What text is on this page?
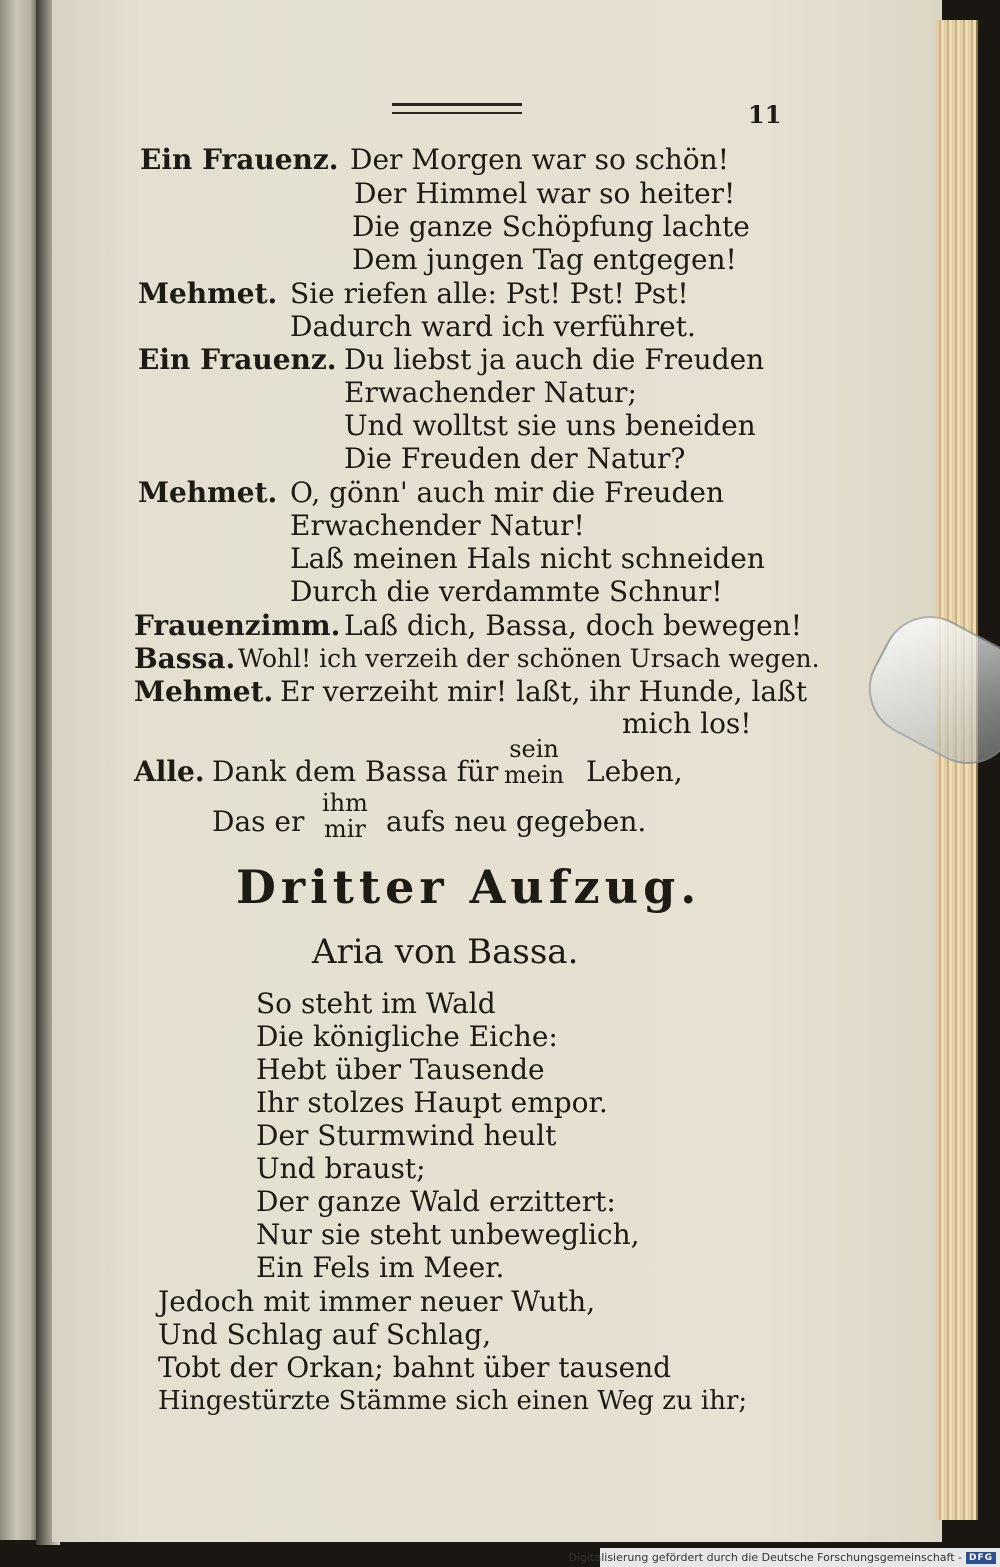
11
Ein Frauenz. Der Morgen war so schön!
Der Himmel war so heiter!
Die ganze Schöpfung lachte
Dem jungen Tag entgegen!
Mehmet. Sie riefen alle: Pst! Pst! Pst!
Dadurch ward ich verführet.
Ein Frauenz. Du liebst ja auch die Freuden
Erwachender Natur;
Und wolltst sie uns beneiden
Die Freuden der Natur?
Mehmet. O, gönn' auch mir die Freuden
Erwachender Natur!
Laß meinen Hals nicht schneiden
Durch die verdammte Schnur!
Frauenzimm. Laß dich, Bassa, doch bewegen!
Bassa. Wohl! ich verzeih der schönen Ursach wegen.
Mehmet. Er verzeiht mir! laßt, ihr Hunde, laßt
mich los!
Alle. Dank dem Bassa für
sein
mein Leben,
Das er
ihm
mir aufs neu gegeben.
Dritter Aufzug.
Aria von Bassa.
So steht im Wald
Die königliche Eiche:
Hebt über Tausende
Ihr stolzes Haupt empor.
Der Sturmwind heult
Und braust;
Der ganze Wald erzittert:
Nur sie steht unbeweglich,
Ein Fels im Meer.
Jedoch mit immer neuer Wuth,
Und Schlag auf Schlag,
Tobt der Orkan; bahnt über tausend
Hingestürzte Stämme sich einen Weg zu ihr;
Digitalisierung gefördert durch die Deutsche Forschungsgemeinschaft - DFG
